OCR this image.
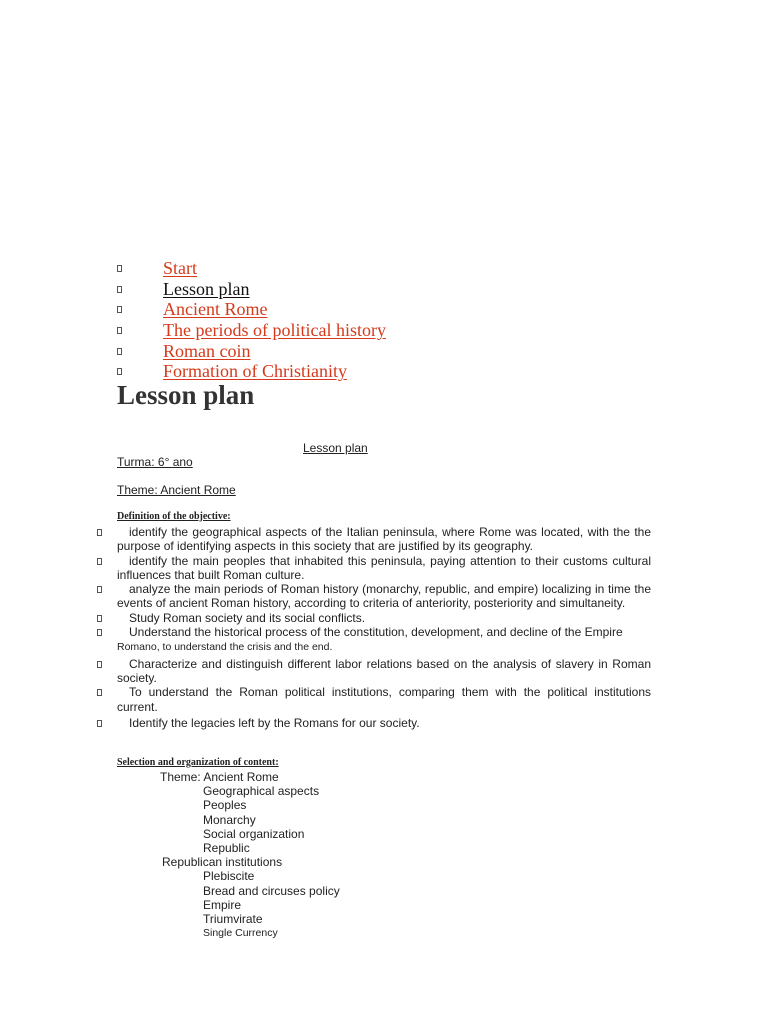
Start
Lesson plan
Ancient Rome
The periods of political history
Roman coin
Formation of Christianity
Lesson plan
Lesson plan
Turma: 6° ano
Theme: Ancient Rome
Definition of the objective:
identify the geographical aspects of the Italian peninsula, where Rome was located, with the the purpose of identifying aspects in this society that are justified by its geography.
identify the main peoples that inhabited this peninsula, paying attention to their customs cultural influences that built Roman culture.
analyze the main periods of Roman history (monarchy, republic, and empire) localizing in time the events of ancient Roman history, according to criteria of anteriority, posteriority and simultaneity.
Study Roman society and its social conflicts.
Understand the historical process of the constitution, development, and decline of the Empire
Romano, to understand the crisis and the end.
Characterize and distinguish different labor relations based on the analysis of slavery in Roman society.
To understand the Roman political institutions, comparing them with the political institutions current.
Identify the legacies left by the Romans for our society.
Selection and organization of content:
Theme: Ancient Rome
Geographical aspects
Peoples
Monarchy
Social organization
Republic
Republican institutions
Plebiscite
Bread and circuses policy
Empire
Triumvirate
Single Currency
